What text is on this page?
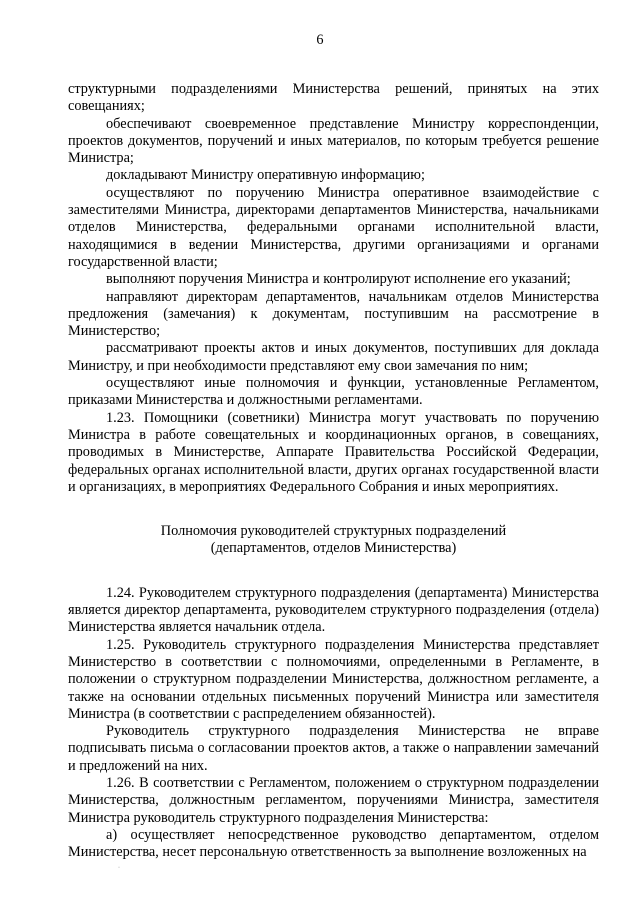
6

структурными подразделениями Министерства решений, принятых на этих совещаниях;

обеспечивают своевременное представление Министру корреспонденции, проектов документов, поручений и иных материалов, по которым требуется решение Министра;

докладывают Министру оперативную информацию;

осуществляют по поручению Министра оперативное взаимодействие с заместителями Министра, директорами департаментов Министерства, начальниками отделов Министерства, федеральными органами исполнительной власти, находящимися в ведении Министерства, другими организациями и органами государственной власти;

выполняют поручения Министра и контролируют исполнение его указаний;

направляют директорам департаментов, начальникам отделов Министерства предложения (замечания) к документам, поступившим на рассмотрение в Министерство;

рассматривают проекты актов и иных документов, поступивших для доклада Министру, и при необходимости представляют ему свои замечания по ним;

осуществляют иные полномочия и функции, установленные Регламентом, приказами Министерства и должностными регламентами.

1.23. Помощники (советники) Министра могут участвовать по поручению Министра в работе совещательных и координационных органов, в совещаниях, проводимых в Министерстве, Аппарате Правительства Российской Федерации, федеральных органах исполнительной власти, других органах государственной власти и организациях, в мероприятиях Федерального Собрания и иных мероприятиях.

Полномочия руководителей структурных подразделений

(департаментов, отделов Министерства)

1.24. Руководителем структурного подразделения (департамента) Министерства является директор департамента, руководителем структурного подразделения (отдела) Министерства является начальник отдела.

1.25. Руководитель структурного подразделения Министерства представляет Министерство в соответствии с полномочиями, определенными в Регламенте, в положении о структурном подразделении Министерства, должностном регламенте, а также на основании отдельных письменных поручений Министра или заместителя Министра (в соответствии с распределением обязанностей).

Руководитель структурного подразделения Министерства не вправе подписывать письма о согласовании проектов актов, а также о направлении замечаний и предложений на них.

1.26. В соответствии с Регламентом, положением о структурном подразделении Министерства, должностным регламентом, поручениями Министра, заместителя Министра руководитель структурного подразделения Министерства:

а) осуществляет непосредственное руководство департаментом, отделом Министерства, несет персональную ответственность за выполнение возложенных на

·
